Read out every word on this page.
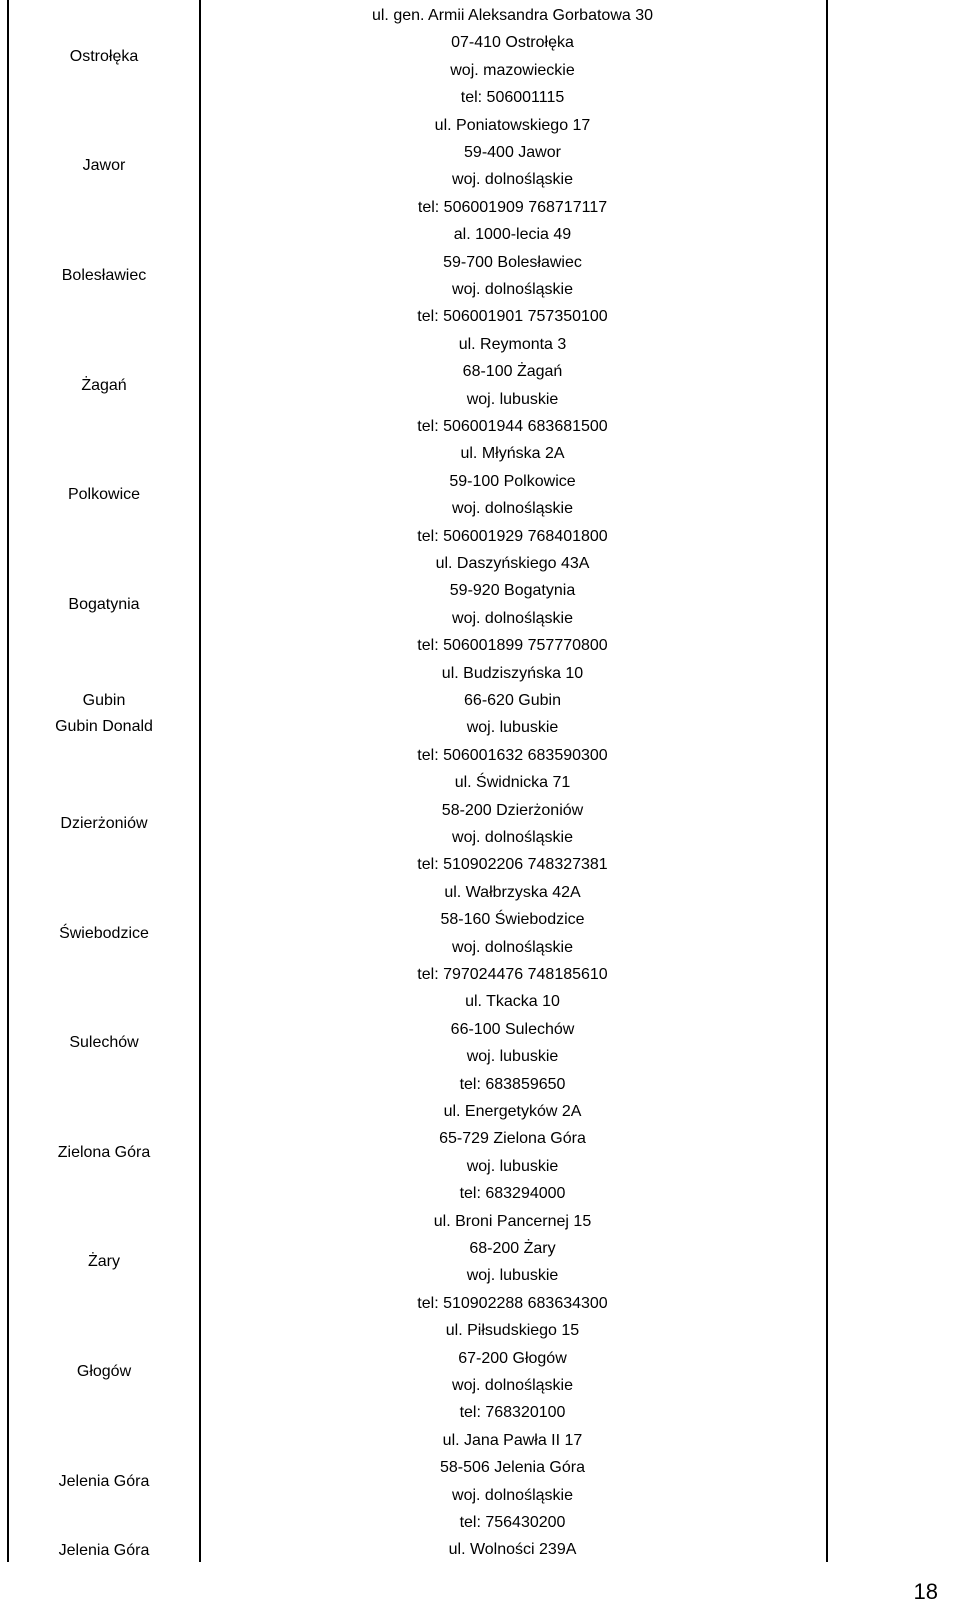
Ostrołęka
ul. gen. Armii Aleksandra Gorbatowa 30
07-410 Ostrołęka
woj. mazowieckie
tel: 506001115
Jawor
ul. Poniatowskiego 17
59-400 Jawor
woj. dolnośląskie
tel: 506001909 768717117
Bolesławiec
al. 1000-lecia 49
59-700 Bolesławiec
woj. dolnośląskie
tel: 506001901 757350100
Żagań
ul. Reymonta 3
68-100 Żagań
woj. lubuskie
tel: 506001944 683681500
Polkowice
ul. Młyńska 2A
59-100 Polkowice
woj. dolnośląskie
tel: 506001929 768401800
Bogatynia
ul. Daszyńskiego 43A
59-920 Bogatynia
woj. dolnośląskie
tel: 506001899 757770800
Gubin
Gubin Donald
ul. Budziszyńska 10
66-620 Gubin
woj. lubuskie
tel: 506001632 683590300
Dzierżoniów
ul. Świdnicka 71
58-200 Dzierżoniów
woj. dolnośląskie
tel: 510902206 748327381
Świebodzice
ul. Wałbrzyska 42A
58-160 Świebodzice
woj. dolnośląskie
tel: 797024476 748185610
Sulechów
ul. Tkacka 10
66-100 Sulechów
woj. lubuskie
tel: 683859650
Zielona Góra
ul. Energetyków 2A
65-729 Zielona Góra
woj. lubuskie
tel: 683294000
Żary
ul. Broni Pancernej 15
68-200 Żary
woj. lubuskie
tel: 510902288 683634300
Głogów
ul. Piłsudskiego 15
67-200 Głogów
woj. dolnośląskie
tel: 768320100
Jelenia Góra
ul. Jana Pawła II 17
58-506 Jelenia Góra
woj. dolnośląskie
tel: 756430200
Jelenia Góra	ul. Wolności 239A
18
